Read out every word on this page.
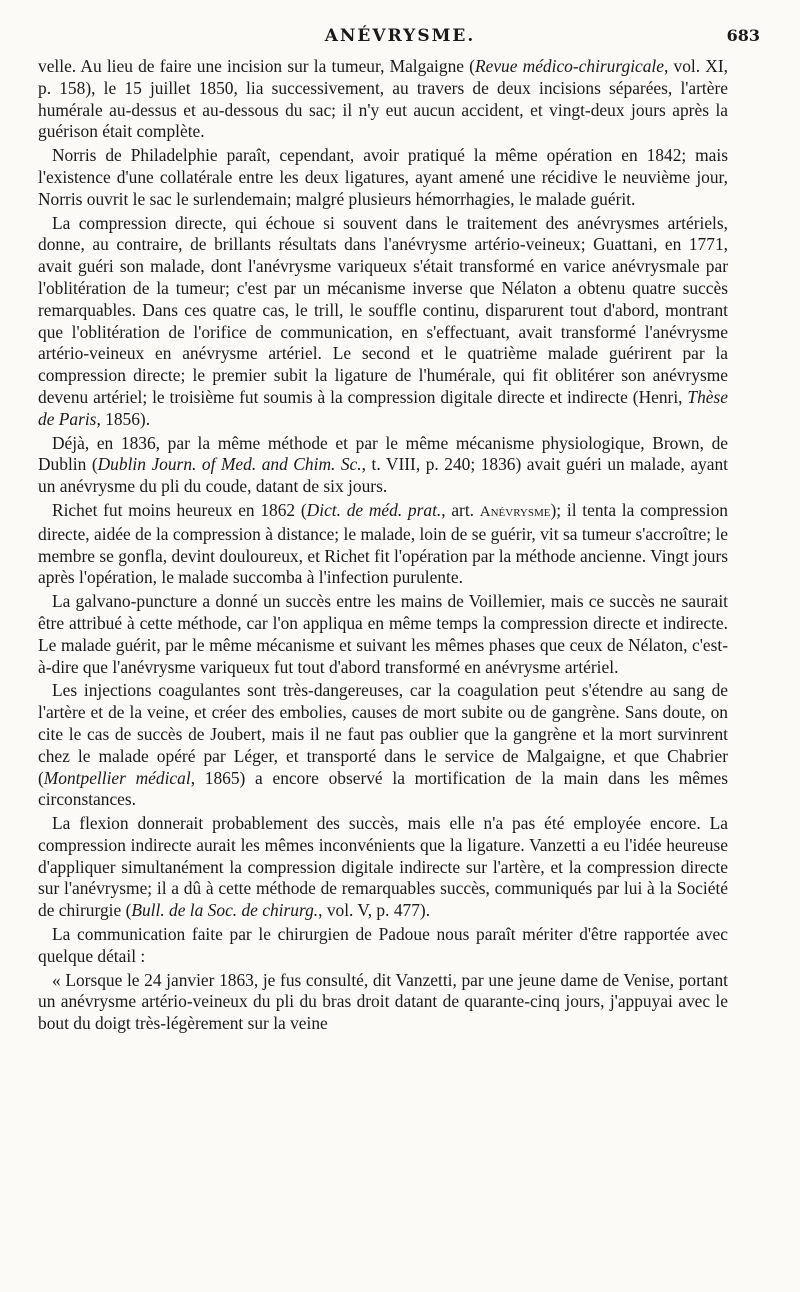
ANÉVRYSME.	683

velle. Au lieu de faire une incision sur la tumeur, Malgaigne (Revue médico-chirurgicale, vol. XI, p. 158), le 15 juillet 1850, lia successivement, au travers de deux incisions séparées, l'artère humérale au-dessus et au-dessous du sac; il n'y eut aucun accident, et vingt-deux jours après la guérison était complète.

Norris de Philadelphie paraît, cependant, avoir pratiqué la même opération en 1842; mais l'existence d'une collatérale entre les deux ligatures, ayant amené une récidive le neuvième jour, Norris ouvrit le sac le surlendemain; malgré plusieurs hémorrhagies, le malade guérit.

La compression directe, qui échoue si souvent dans le traitement des anévrysmes artériels, donne, au contraire, de brillants résultats dans l'anévrysme artério-veineux; Guattani, en 1771, avait guéri son malade, dont l'anévrysme variqueux s'était transformé en varice anévrysmale par l'oblitération de la tumeur; c'est par un mécanisme inverse que Nélaton a obtenu quatre succès remarquables. Dans ces quatre cas, le trill, le souffle continu, disparurent tout d'abord, montrant que l'oblitération de l'orifice de communication, en s'effectuant, avait transformé l'anévrysme artério-veineux en anévrysme artériel. Le second et le quatrième malade guérirent par la compression directe; le premier subit la ligature de l'humérale, qui fit oblitérer son anévrysme devenu artériel; le troisième fut soumis à la compression digitale directe et indirecte (Henri, Thèse de Paris, 1856).

Déjà, en 1836, par la même méthode et par le même mécanisme physiologique, Brown, de Dublin (Dublin Journ. of Med. and Chim. Sc., t. VIII, p. 240; 1836) avait guéri un malade, ayant un anévrysme du pli du coude, datant de six jours.

Richet fut moins heureux en 1862 (Dict. de méd. prat., art. Anévrysme); il tenta la compression directe, aidée de la compression à distance; le malade, loin de se guérir, vit sa tumeur s'accroître; le membre se gonfla, devint douloureux, et Richet fit l'opération par la méthode ancienne. Vingt jours après l'opération, le malade succomba à l'infection purulente.

La galvano-puncture a donné un succès entre les mains de Voillemier, mais ce succès ne saurait être attribué à cette méthode, car l'on appliqua en même temps la compression directe et indirecte. Le malade guérit, par le même mécanisme et suivant les mêmes phases que ceux de Nélaton, c'est-à-dire que l'anévrysme variqueux fut tout d'abord transformé en anévrysme artériel.

Les injections coagulantes sont très-dangereuses, car la coagulation peut s'étendre au sang de l'artère et de la veine, et créer des embolies, causes de mort subite ou de gangrène. Sans doute, on cite le cas de succès de Joubert, mais il ne faut pas oublier que la gangrène et la mort survinrent chez le malade opéré par Léger, et transporté dans le service de Malgaigne, et que Chabrier (Montpellier médical, 1865) a encore observé la mortification de la main dans les mêmes circonstances.

La flexion donnerait probablement des succès, mais elle n'a pas été employée encore. La compression indirecte aurait les mêmes inconvénients que la ligature. Vanzetti a eu l'idée heureuse d'appliquer simultanément la compression digitale indirecte sur l'artère, et la compression directe sur l'anévrysme; il a dû à cette méthode de remarquables succès, communiqués par lui à la Société de chirurgie (Bull. de la Soc. de chirurg., vol. V, p. 477).

La communication faite par le chirurgien de Padoue nous paraît mériter d'être rapportée avec quelque détail :

« Lorsque le 24 janvier 1863, je fus consulté, dit Vanzetti, par une jeune dame de Venise, portant un anévrysme artério-veineux du pli du bras droit datant de quarante-cinq jours, j'appuyai avec le bout du doigt très-légèrement sur la veine
